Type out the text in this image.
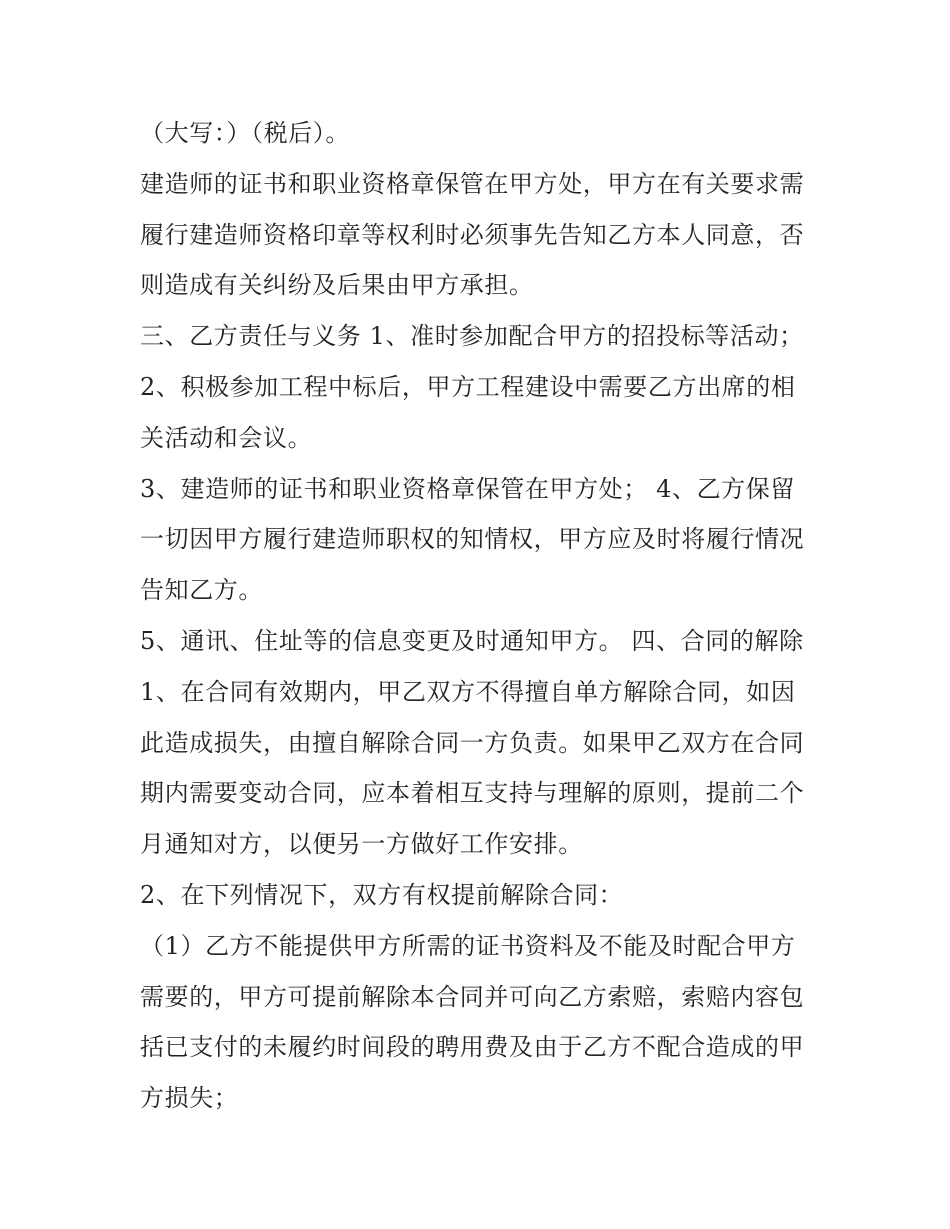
（大写：）（税后）。
建造师的证书和职业资格章保管在甲方处，甲方在有关要求需
履行建造师资格印章等权利时必须事先告知乙方本人同意，否
则造成有关纠纷及后果由甲方承担。
三、乙方责任与义务 1、准时参加配合甲方的招投标等活动；
2、积极参加工程中标后，甲方工程建设中需要乙方出席的相
关活动和会议。
3、建造师的证书和职业资格章保管在甲方处； 4、乙方保留
一切因甲方履行建造师职权的知情权，甲方应及时将履行情况
告知乙方。
5、通讯、住址等的信息变更及时通知甲方。 四、合同的解除
1、在合同有效期内，甲乙双方不得擅自单方解除合同，如因
此造成损失，由擅自解除合同一方负责。如果甲乙双方在合同
期内需要变动合同，应本着相互支持与理解的原则，提前二个
月通知对方，以便另一方做好工作安排。
2、在下列情况下，双方有权提前解除合同：
（1）乙方不能提供甲方所需的证书资料及不能及时配合甲方
需要的，甲方可提前解除本合同并可向乙方索赔，索赔内容包
括已支付的未履约时间段的聘用费及由于乙方不配合造成的甲
方损失；
